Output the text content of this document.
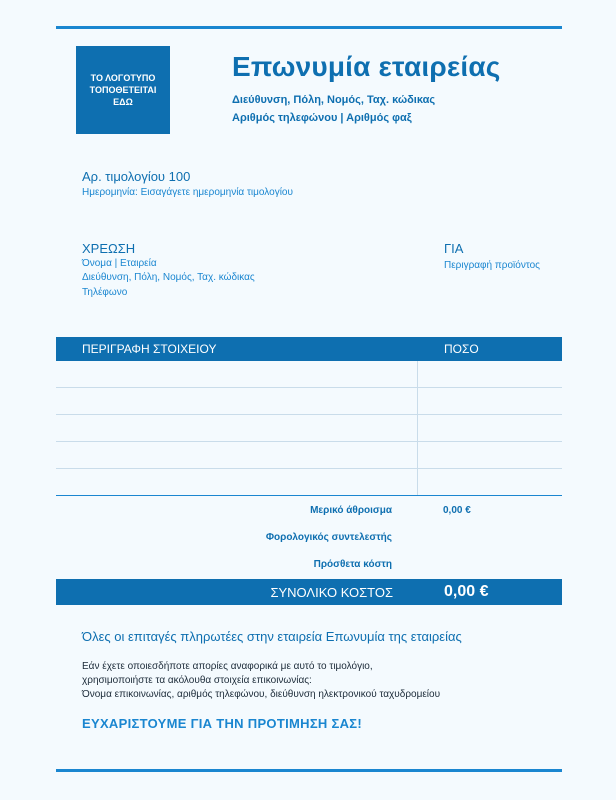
ΤΟ ΛΟΓΟΤΥΠΟ
ΤΟΠΟΘΕΤΕΙΤΑΙ
ΕΔΩ
Επωνυμία εταιρείας
Διεύθυνση, Πόλη, Νομός, Ταχ. κώδικας
Αριθμός τηλεφώνου | Αριθμός φαξ
Αρ. τιμολογίου 100
Ημερομηνία: Εισαγάγετε ημερομηνία τιμολογίου
ΧΡΕΩΣΗ
Όνομα | Εταιρεία
Διεύθυνση, Πόλη, Νομός, Ταχ. κώδικας
Τηλέφωνο
ΓΙΑ
Περιγραφή προϊόντος
ΠΕΡΙΓΡΑΦΗ ΣΤΟΙΧΕΙΟΥ	ΠΟΣΟ
Μερικό άθροισμα	0,00 €
Φορολογικός συντελεστής
Πρόσθετα κόστη
ΣΥΝΟΛΙΚΟ ΚΟΣΤΟΣ	0,00 €
Όλες οι επιταγές πληρωτέες στην εταιρεία Επωνυμία της εταιρείας
Εάν έχετε οποιεσδήποτε απορίες αναφορικά με αυτό το τιμολόγιο,
χρησιμοποιήστε τα ακόλουθα στοιχεία επικοινωνίας:
Όνομα επικοινωνίας, αριθμός τηλεφώνου, διεύθυνση ηλεκτρονικού ταχυδρομείου
ΕΥΧΑΡΙΣΤΟΥΜΕ ΓΙΑ ΤΗΝ ΠΡΟΤΙΜΗΣΗ ΣΑΣ!
